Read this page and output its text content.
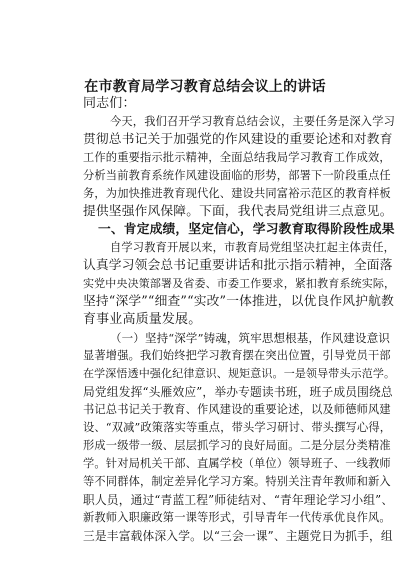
在市教育局学习教育总结会议上的讲话
同志们：
今天，我们召开学习教育总结会议，主要任务是深入学习
贯彻总书记关于加强党的作风建设的重要论述和对教育
工作的重要指示批示精神，全面总结我局学习教育工作成效，
分析当前教育系统作风建设面临的形势，部署下一阶段重点任
务，为加快推进教育现代化、建设共同富裕示范区的教育样板
提供坚强作风保障。下面，我代表局党组讲三点意见。
一、肯定成绩，坚定信心，学习教育取得阶段性成果
自学习教育开展以来，市教育局党组坚决扛起主体责任，
认真学习领会总书记重要讲话和批示指示精神，全面落
实党中央决策部署及省委、市委工作要求，紧扣教育系统实际，
坚持“深学”“细查”“实改”一体推进，以优良作风护航教
育事业高质量发展。
（一）坚持“深学”铸魂，筑牢思想根基，作风建设意识
显著增强。我们始终把学习教育摆在突出位置，引导党员干部
在学深悟透中强化纪律意识、规矩意识。一是领导带头示范学。
局党组发挥“头雁效应”，举办专题读书班，班子成员围绕总
书记总书记关于教育、作风建设的重要论述，以及师德师风建
设、“双减”政策落实等重点，带头学习研讨、带头撰写心得，
形成一级带一级、层层抓学习的良好局面。二是分层分类精准
学。针对局机关干部、直属学校（单位）领导班子、一线教师
等不同群体，制定差异化学习方案。特别关注青年教师和新入
职人员，通过“青蓝工程”师徒结对、“青年理论学习小组”、
新教师入职廉政第一课等形式，引导青年一代传承优良作风。
三是丰富载体深入学。以“三会一课”、主题党日为抓手，组
